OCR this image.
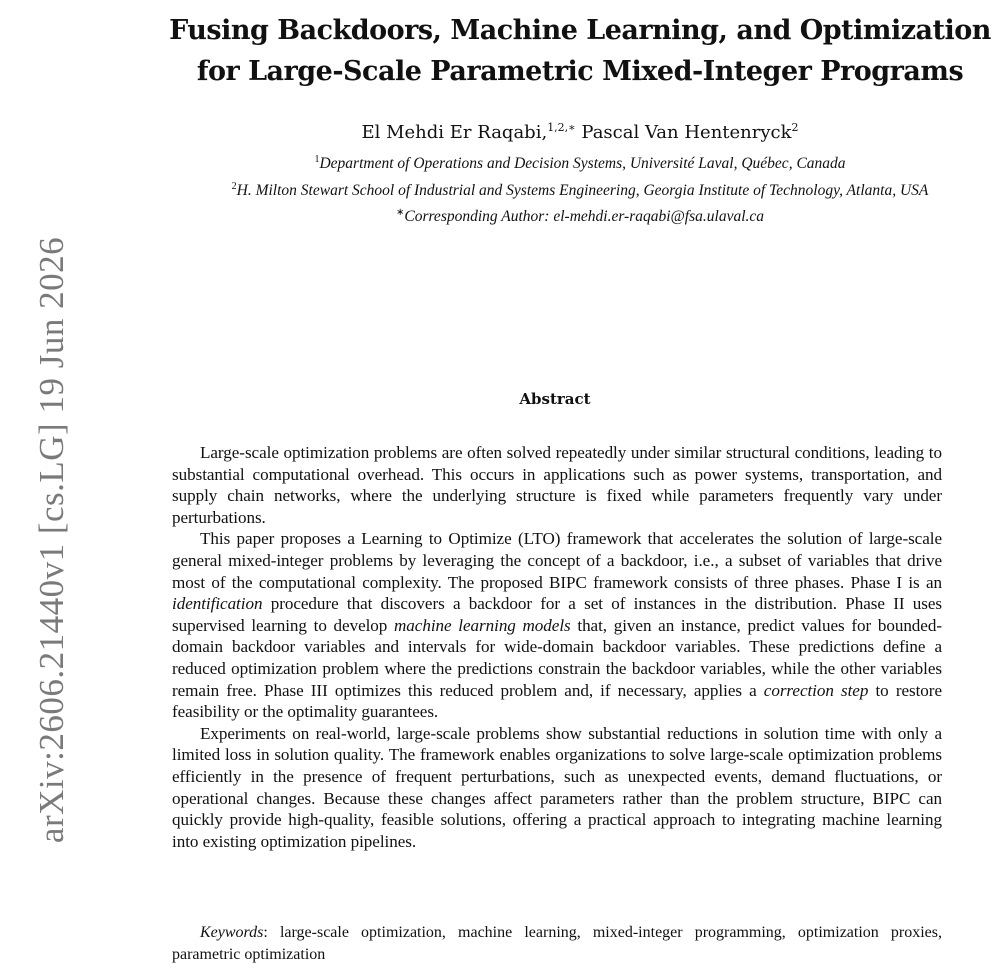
arXiv:2606.21440v1 [cs.LG] 19 Jun 2026
Fusing Backdoors, Machine Learning, and Optimization
for Large-Scale Parametric Mixed-Integer Programs
El Mehdi Er Raqabi,$^{1,2,∗}$ Pascal Van Hentenryck$^2$
$^1$Department of Operations and Decision Systems, Université Laval, Québec, Canada
$^2$H. Milton Stewart School of Industrial and Systems Engineering, Georgia Institute of Technology, Atlanta, USA
∗Corresponding Author: el-mehdi.er-raqabi@fsa.ulaval.ca
Abstract

Large-scale optimization problems are often solved repeatedly under similar structural conditions, leading to substantial computational overhead. This occurs in applications such as power systems, transportation, and supply chain networks, where the underlying structure is fixed while parameters frequently vary under perturbations.

This paper proposes a Learning to Optimize (LTO) framework that accelerates the solution of large-scale general mixed-integer problems by leveraging the concept of a backdoor, i.e., a subset of variables that drive most of the computational complexity. The proposed BIPC framework consists of three phases. Phase I is an identification procedure that discovers a backdoor for a set of instances in the distribution. Phase II uses supervised learning to develop machine learning models that, given an instance, predict values for bounded-domain backdoor variables and intervals for wide-domain backdoor variables. These predictions define a reduced optimization problem where the predictions constrain the backdoor variables, while the other variables remain free. Phase III optimizes this reduced problem and, if necessary, applies a correction step to restore feasibility or the optimality guarantees.

Experiments on real-world, large-scale problems show substantial reductions in solution time with only a limited loss in solution quality. The framework enables organizations to solve large-scale optimization problems efficiently in the presence of frequent perturbations, such as unexpected events, demand fluctuations, or operational changes. Because these changes affect parameters rather than the problem structure, BIPC can quickly provide high-quality, feasible solutions, offering a practical approach to integrating machine learning into existing optimization pipelines.

Keywords: large-scale optimization, machine learning, mixed-integer programming, optimization proxies, parametric optimization
